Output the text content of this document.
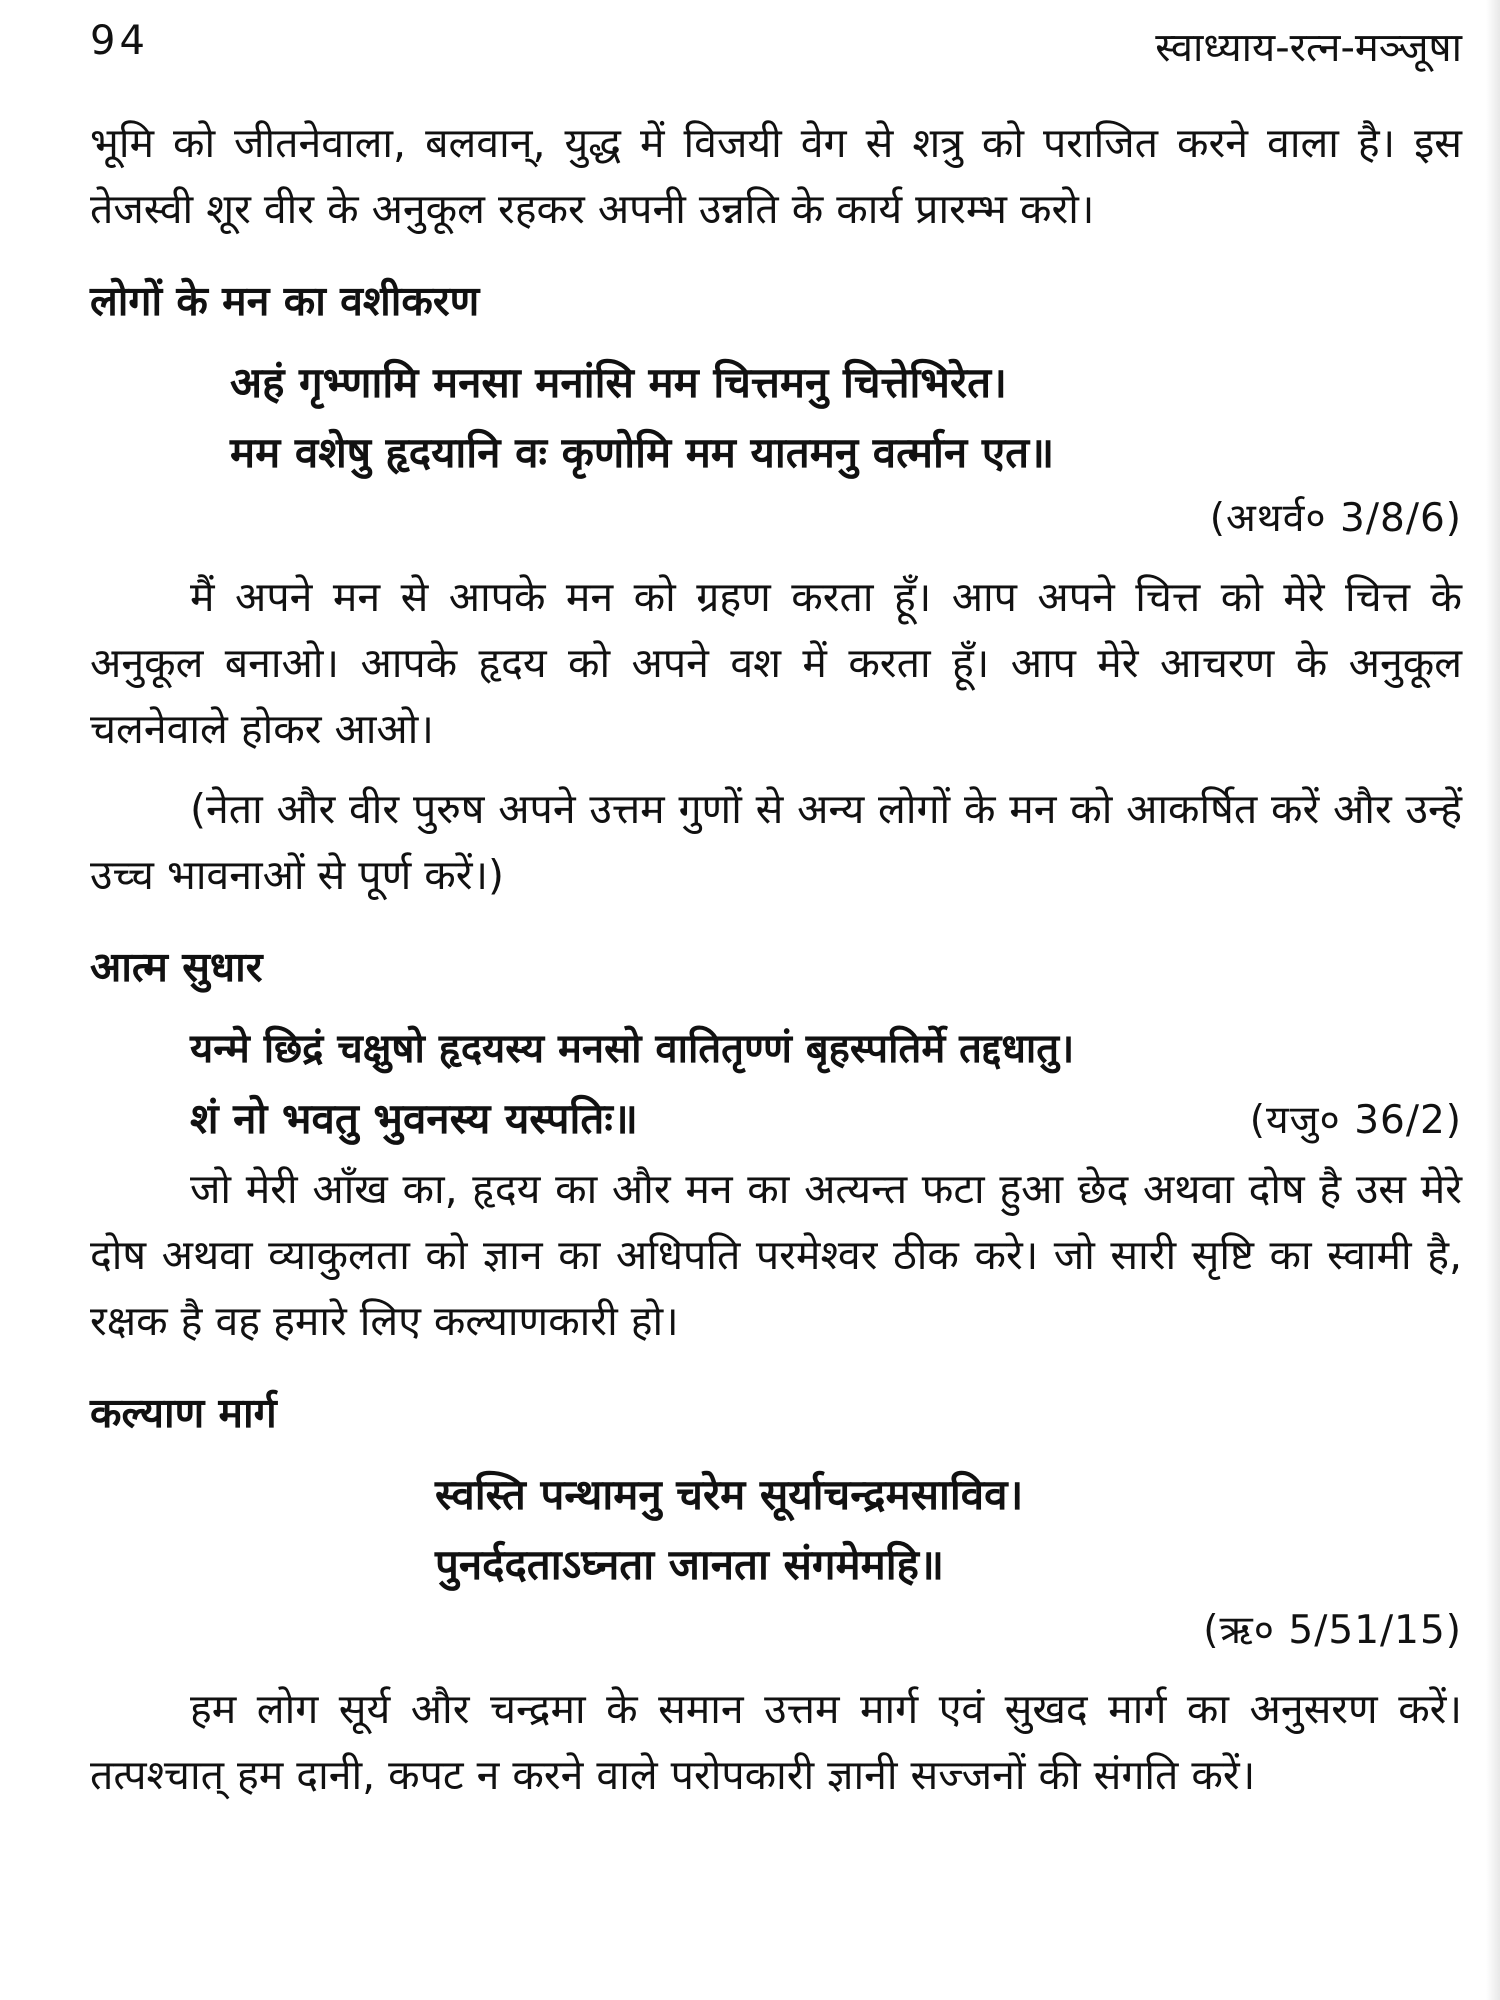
94	स्वाध्याय-रत्न-मञ्जूषा

भूमि को जीतनेवाला, बलवान्, युद्ध में विजयी वेग से शत्रु को पराजित करने वाला है। इस तेजस्वी शूर वीर के अनुकूल रहकर अपनी उन्नति के कार्य प्रारम्भ करो।

लोगों के मन का वशीकरण

अहं गृभ्णामि मनसा मनांसि मम चित्तमनु चित्तेभिरेत।

मम वशेषु हृदयानि वः कृणोमि मम यातमनु वर्त्मान एत॥

(अथर्व० 3/8/6)

मैं अपने मन से आपके मन को ग्रहण करता हूँ। आप अपने चित्त को मेरे चित्त के अनुकूल बनाओ। आपके हृदय को अपने वश में करता हूँ। आप मेरे आचरण के अनुकूल चलनेवाले होकर आओ।

(नेता और वीर पुरुष अपने उत्तम गुणों से अन्य लोगों के मन को आकर्षित करें और उन्हें उच्च भावनाओं से पूर्ण करें।)

आत्म सुधार

यन्मे छिद्रं चक्षुषो हृदयस्य मनसो वातितृण्णं बृहस्पतिर्मे तद्दधातु।

शं नो भवतु भुवनस्य यस्पतिः॥	(यजु० 36/2)

जो मेरी आँख का, हृदय का और मन का अत्यन्त फटा हुआ छेद अथवा दोष है उस मेरे दोष अथवा व्याकुलता को ज्ञान का अधिपति परमेश्वर ठीक करे। जो सारी सृष्टि का स्वामी है, रक्षक है वह हमारे लिए कल्याणकारी हो।

कल्याण मार्ग

स्वस्ति पन्थामनु चरेम सूर्याचन्द्रमसाविव।

पुनर्ददताऽघ्नता जानता संगमेमहि॥

(ऋ० 5/51/15)

हम लोग सूर्य और चन्द्रमा के समान उत्तम मार्ग एवं सुखद मार्ग का अनुसरण करें। तत्पश्चात् हम दानी, कपट न करने वाले परोपकारी ज्ञानी सज्जनों की संगति करें।
